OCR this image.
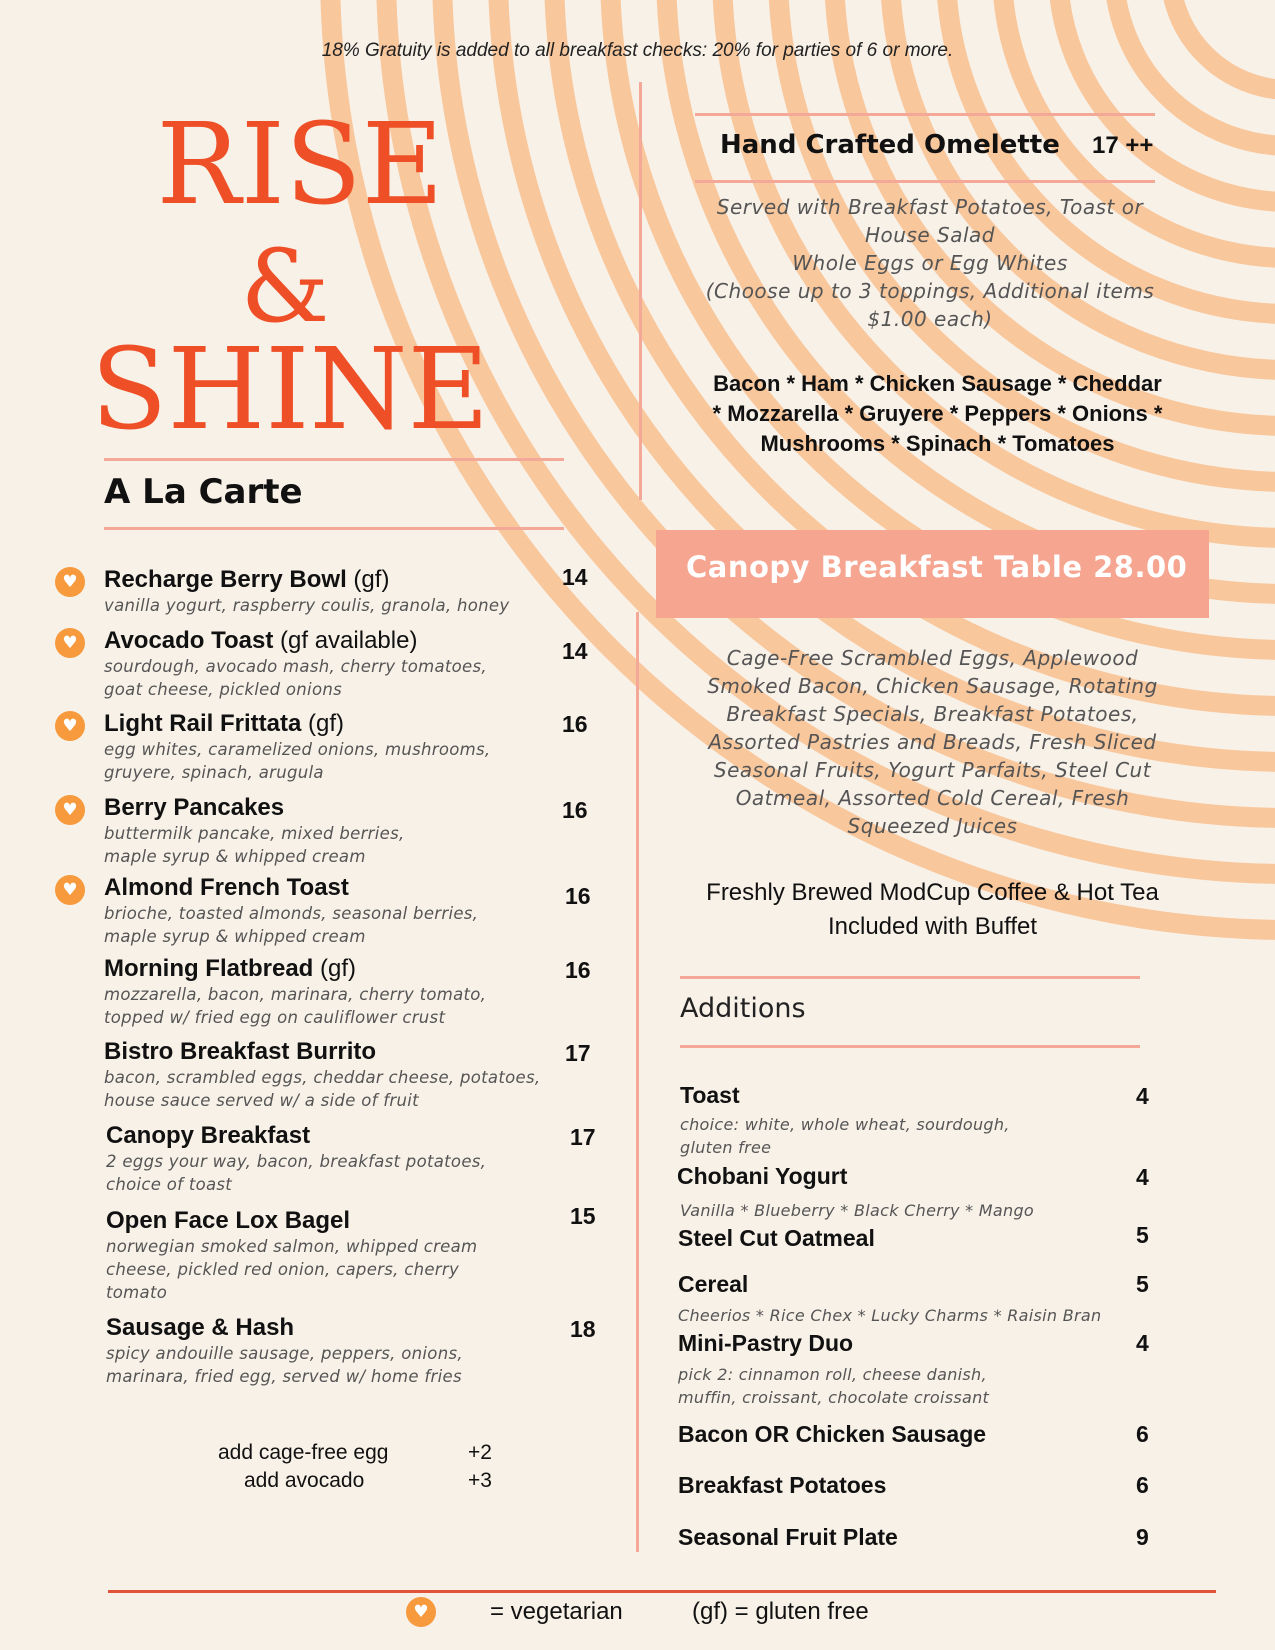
18% Gratuity is added to all breakfast checks: 20% for parties of 6 or more.
RISE
&
SHINE
A La Carte
♥	Recharge Berry Bowl (gf)
vanilla yogurt, raspberry coulis, granola, honey
14
♥	Avocado Toast (gf available)
sourdough, avocado mash, cherry tomatoes,
goat cheese, pickled onions
14
♥	Light Rail Frittata (gf)
egg whites, caramelized onions, mushrooms,
gruyere, spinach, arugula
16
♥	Berry Pancakes
buttermilk pancake, mixed berries,
maple syrup & whipped cream
16
♥	Almond French Toast
brioche, toasted almonds, seasonal berries,
maple syrup & whipped cream
16
Morning Flatbread (gf)
mozzarella, bacon, marinara, cherry tomato,
topped w/ fried egg on cauliflower crust
16
Bistro Breakfast Burrito
bacon, scrambled eggs, cheddar cheese, potatoes,
house sauce served w/ a side of fruit
17
Canopy Breakfast
2 eggs your way, bacon, breakfast potatoes,
choice of toast
17
Open Face Lox Bagel
norwegian smoked salmon, whipped cream
cheese, pickled red onion, capers, cherry
tomato
15
Sausage & Hash
spicy andouille sausage, peppers, onions,
marinara, fried egg, served w/ home fries
18
add cage-free egg	+2
add avocado	+3
Hand Crafted Omelette 17 ++
Served with Breakfast Potatoes, Toast or
House Salad
Whole Eggs or Egg Whites
(Choose up to 3 toppings, Additional items
$1.00 each)
Bacon * Ham * Chicken Sausage * Cheddar
* Mozzarella * Gruyere * Peppers * Onions *
Mushrooms * Spinach * Tomatoes
Canopy Breakfast Table 28.00
Cage-Free Scrambled Eggs, Applewood
Smoked Bacon, Chicken Sausage, Rotating
Breakfast Specials, Breakfast Potatoes,
Assorted Pastries and Breads, Fresh Sliced
Seasonal Fruits, Yogurt Parfaits, Steel Cut
Oatmeal, Assorted Cold Cereal, Fresh
Squeezed Juices
Freshly Brewed ModCup Coffee & Hot Tea
Included with Buffet
Additions
Toast
choice: white, whole wheat, sourdough,
gluten free
4
Chobani Yogurt
Vanilla * Blueberry * Black Cherry * Mango
4
Steel Cut Oatmeal	5
Cereal
Cheerios * Rice Chex * Lucky Charms * Raisin Bran
5
Mini-Pastry Duo
pick 2: cinnamon roll, cheese danish,
muffin, croissant, chocolate croissant
4
Bacon OR Chicken Sausage	6
Breakfast Potatoes	6
Seasonal Fruit Plate	9
♥	= vegetarian	(gf) = gluten free
